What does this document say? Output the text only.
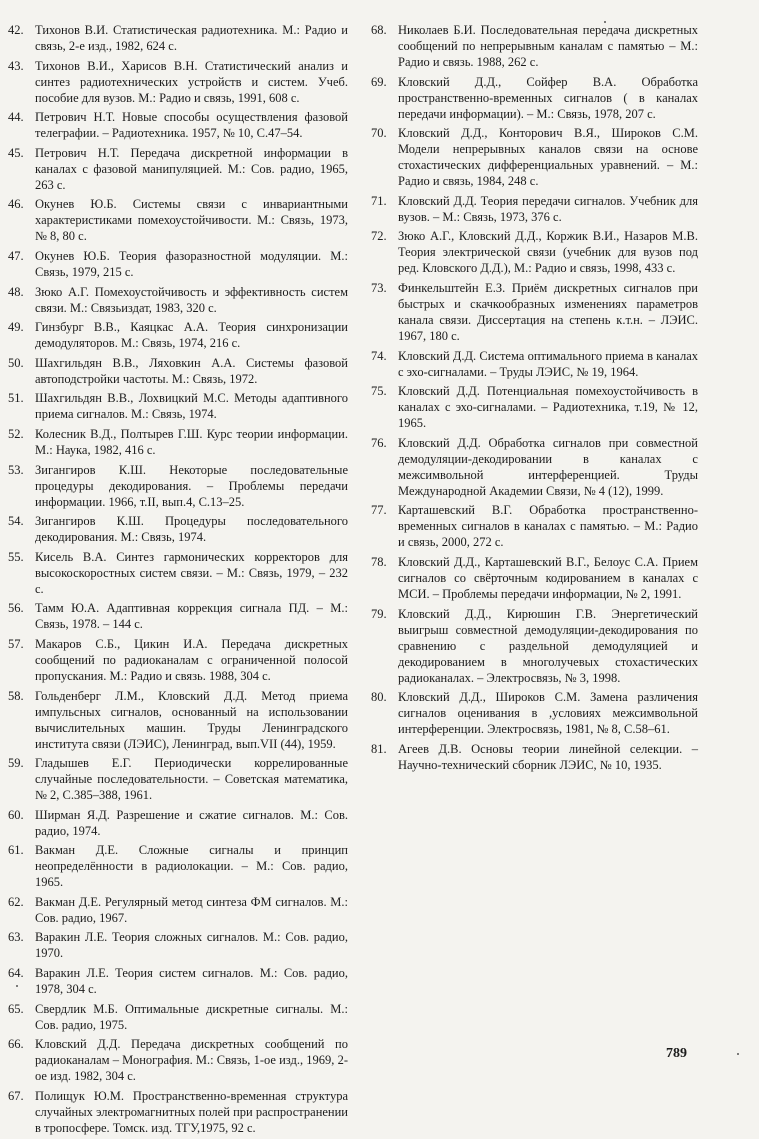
42. Тихонов В.И. Статистическая радиотехника. М.: Радио и связь, 2-е изд., 1982, 624 с.
43. Тихонов В.И., Харисов В.Н. Статистический анализ и синтез радиотехнических устройств и систем. Учеб. пособие для вузов. М.: Радио и связь, 1991, 608 с.
44. Петрович Н.Т. Новые способы осуществления фазовой телеграфии. – Радиотехника. 1957, № 10, С.47–54.
45. Петрович Н.Т. Передача дискретной информации в каналах с фазовой манипуляцией. М.: Сов. радио, 1965, 263 с.
46. Окунев Ю.Б. Системы связи с инвариантными характеристиками помехоустойчивости. М.: Связь, 1973, № 8, 80 с.
47. Окунев Ю.Б. Теория фазоразностной модуляции. М.: Связь, 1979, 215 с.
48. Зюко А.Г. Помехоустойчивость и эффективность систем связи. М.: Связьиздат, 1983, 320 с.
49. Гинзбург В.В., Каяцкас А.А. Теория синхронизации демодуляторов. М.: Связь, 1974, 216 с.
50. Шахгильдян В.В., Ляховкин А.А. Системы фазовой автоподстройки частоты. М.: Связь, 1972.
51. Шахгильдян В.В., Лохвицкий М.С. Методы адаптивного приема сигналов. М.: Связь, 1974.
52. Колесник В.Д., Полтырев Г.Ш. Курс теории информации. М.: Наука, 1982, 416 с.
53. Зигангиров К.Ш. Некоторые последовательные процедуры декодирования. – Проблемы передачи информации. 1966, т.II, вып.4, С.13–25.
54. Зигангиров К.Ш. Процедуры последовательного декодирования. М.: Связь, 1974.
55. Кисель В.А. Синтез гармонических корректоров для высокоскоростных систем связи. – М.: Связь, 1979, – 232 с.
56. Тамм Ю.А. Адаптивная коррекция сигнала ПД. – М.: Связь, 1978. – 144 с.
57. Макаров С.Б., Цикин И.А. Передача дискретных сообщений по радиоканалам с ограниченной полосой пропускания. М.: Радио и связь. 1988, 304 с.
58. Гольденберг Л.М., Кловский Д.Д. Метод приема импульсных сигналов, основанный на использовании вычислительных машин. Труды Ленинградского института связи (ЛЭИС), Ленинград, вып.VII (44), 1959.
59. Гладышев Е.Г. Периодически коррелированные случайные последовательности. – Советская математика, № 2, С.385–388, 1961.
60. Ширман Я.Д. Разрешение и сжатие сигналов. М.: Сов. радио, 1974.
61. Вакман Д.Е. Сложные сигналы и принцип неопределённости в радиолокации. – М.: Сов. радио, 1965.
62. Вакман Д.Е. Регулярный метод синтеза ФМ сигналов. М.: Сов. радио, 1967.
63. Варакин Л.Е. Теория сложных сигналов. М.: Сов. радио, 1970.
64. Варакин Л.Е. Теория систем сигналов. М.: Сов. радио, 1978, 304 с.
65. Свердлик М.Б. Оптимальные дискретные сигналы. М.: Сов. радио, 1975.
66. Кловский Д.Д. Передача дискретных сообщений по радиоканалам – Монография. М.: Связь, 1-ое изд., 1969, 2-ое изд. 1982, 304 с.
67. Полищук Ю.М. Пространственно-временная структура случайных электромагнитных полей при распространении в тропосфере. Томск. изд. ТГУ,1975, 92 с.
68. Николаев Б.И. Последовательная передача дискретных сообщений по непрерывным каналам с памятью – М.: Радио и связь. 1988, 262 с.
69. Кловский Д.Д., Сойфер В.А. Обработка пространственно-временных сигналов ( в каналах передачи информации). – М.: Связь, 1978, 207 с.
70. Кловский Д.Д., Конторович В.Я., Широков С.М. Модели непрерывных каналов связи на основе стохастических дифференциальных уравнений. – М.: Радио и связь, 1984, 248 с.
71. Кловский Д.Д. Теория передачи сигналов. Учебник для вузов. – М.: Связь, 1973, 376 с.
72. Зюко А.Г., Кловский Д.Д., Коржик В.И., Назаров М.В. Теория электрической связи (учебник для вузов под ред. Кловского Д.Д.), М.: Радио и связь, 1998, 433 с.
73. Финкельштейн Е.З. Приём дискретных сигналов при быстрых и скачкообразных изменениях параметров канала связи. Диссертация на степень к.т.н. – ЛЭИС. 1967, 180 с.
74. Кловский Д.Д. Система оптимального приема в каналах с эхо-сигналами. – Труды ЛЭИС, № 19, 1964.
75. Кловский Д.Д. Потенциальная помехоустойчивость в каналах с эхо-сигналами. – Радиотехника, т.19, № 12, 1965.
76. Кловский Д.Д. Обработка сигналов при совместной демодуляции-декодировании в каналах с межсимвольной интерференцией. Труды Международной Академии Связи, № 4 (12), 1999.
77. Карташевский В.Г. Обработка пространственно-временных сигналов в каналах с памятью. – М.: Радио и связь, 2000, 272 с.
78. Кловский Д.Д., Карташевский В.Г., Белоус С.А. Прием сигналов со свёрточным кодированием в каналах с МСИ. – Проблемы передачи информации, № 2, 1991.
79. Кловский Д.Д., Кирюшин Г.В. Энергетический выигрыш совместной демодуляции-декодирования по сравнению с раздельной демодуляцией и декодированием в многолучевых стохастических радиоканалах. – Электросвязь, № 3, 1998.
80. Кловский Д.Д., Широков С.М. Замена различения сигналов оценивания в ,условиях межсимвольной интерференции. Электросвязь, 1981, № 8, С.58–61.
81. Агеев Д.В. Основы теории линейной селекции. – Научно-технический сборник ЛЭИС, № 10, 1935.
789
